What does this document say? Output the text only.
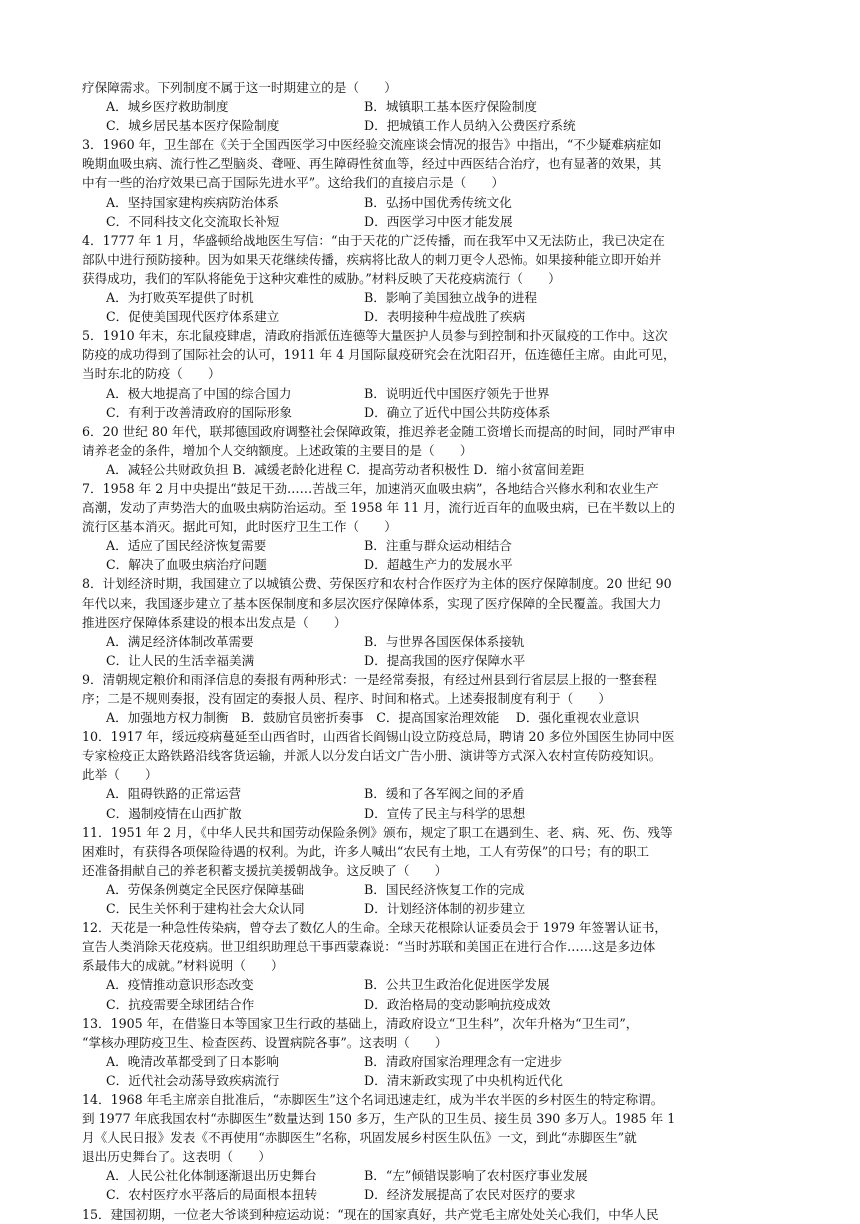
疗保障需求。下列制度不属于这一时期建立的是（　　）
A．城乡医疗救助制度	B．城镇职工基本医疗保险制度
C．城乡居民基本医疗保险制度	D．把城镇工作人员纳入公费医疗系统
3．1960 年，卫生部在《关于全国西医学习中医经验交流座谈会情况的报告》中指出，“不少疑难病症如
晚期血吸虫病、流行性乙型脑炎、聋哑、再生障碍性贫血等，经过中西医结合治疗，也有显著的效果，其
中有一些的治疗效果已高于国际先进水平”。这给我们的直接启示是（　　）
A．坚持国家建构疾病防治体系	B．弘扬中国优秀传统文化
C．不同科技文化交流取长补短	D．西医学习中医才能发展
4．1777 年 1 月，华盛顿给战地医生写信：“由于天花的广泛传播，而在我军中又无法防止，我已决定在
部队中进行预防接种。因为如果天花继续传播，疾病将比敌人的刺刀更令人恐怖。如果接种能立即开始并
获得成功，我们的军队将能免于这种灾难性的威胁。”材料反映了天花疫病流行（　　）
A．为打败英军提供了时机	B．影响了美国独立战争的进程
C．促使美国现代医疗体系建立	D．表明接种牛痘战胜了疾病
5．1910 年末，东北鼠疫肆虐，清政府指派伍连德等大量医护人员参与到控制和扑灭鼠疫的工作中。这次
防疫的成功得到了国际社会的认可，1911 年 4 月国际鼠疫研究会在沈阳召开，伍连德任主席。由此可见，
当时东北的防疫（　　）
A．极大地提高了中国的综合国力	B．说明近代中国医疗领先于世界
C．有利于改善清政府的国际形象	D．确立了近代中国公共防疫体系
6．20 世纪 80 年代，联邦德国政府调整社会保障政策，推迟养老金随工资增长而提高的时间，同时严审申
请养老金的条件，增加个人交纳额度。上述政策的主要目的是（　　）
A．减轻公共财政负担 B．减缓老龄化进程 C．提高劳动者积极性 D．缩小贫富间差距
7．1958 年 2 月中央提出“鼓足干劲……苦战三年，加速消灭血吸虫病”，各地结合兴修水利和农业生产
高潮，发动了声势浩大的血吸虫病防治运动。至 1958 年 11 月，流行近百年的血吸虫病，已在半数以上的
流行区基本消灭。据此可知，此时医疗卫生工作（　　）
A．适应了国民经济恢复需要	B．注重与群众运动相结合
C．解决了血吸虫病治疗问题	D．超越生产力的发展水平
8．计划经济时期，我国建立了以城镇公费、劳保医疗和农村合作医疗为主体的医疗保障制度。20 世纪 90
年代以来，我国逐步建立了基本医保制度和多层次医疗保障体系，实现了医疗保障的全民覆盖。我国大力
推进医疗保障体系建设的根本出发点是（　　）
A．满足经济体制改革需要	B．与世界各国医保体系接轨
C．让人民的生活幸福美满	D．提高我国的医疗保障水平
9．清朝规定粮价和雨泽信息的奏报有两种形式：一是经常奏报，有经过州县到行省层层上报的一整套程
序；二是不规则奏报，没有固定的奏报人员、程序、时间和格式。上述奏报制度有利于（　　）
A．加强地方权力制衡　B．鼓励官员密折奏事　C．提高国家治理效能　 D．强化重视农业意识
10．1917 年，绥远疫病蔓延至山西省时，山西省长阎锡山设立防疫总局，聘请 20 多位外国医生协同中医
专家检疫正太路铁路沿线客货运输，并派人以分发白话文广告小册、演讲等方式深入农村宣传防疫知识。
此举（　　）
A．阻碍铁路的正常运营	B．缓和了各军阀之间的矛盾
C．遏制疫情在山西扩散	D．宣传了民主与科学的思想
11．1951 年 2 月，《中华人民共和国劳动保险条例》颁布，规定了职工在遇到生、老、病、死、伤、残等
困难时，有获得各项保险待遇的权利。为此，许多人喊出“农民有土地，工人有劳保”的口号；有的职工
还准备捐献自己的养老积蓄支援抗美援朝战争。这反映了（　　）
A．劳保条例奠定全民医疗保障基础	B．国民经济恢复工作的完成
C．民生关怀利于建构社会大众认同	D．计划经济体制的初步建立
12．天花是一种急性传染病，曾夺去了数亿人的生命。全球天花根除认证委员会于 1979 年签署认证书，
宣告人类消除天花疫病。世卫组织助理总干事西蒙森说：“当时苏联和美国正在进行合作……这是多边体
系最伟大的成就。”材料说明（　　）
A．疫情推动意识形态改变	B．公共卫生政治化促进医学发展
C．抗疫需要全球团结合作	D．政治格局的变动影响抗疫成效
13．1905 年，在借鉴日本等国家卫生行政的基础上，清政府设立“卫生科”，次年升格为“卫生司”，
“掌核办理防疫卫生、检查医药、设置病院各事”。这表明（　　）
A．晚清改革都受到了日本影响	B．清政府国家治理理念有一定进步
C．近代社会动荡导致疾病流行	D．清末新政实现了中央机构近代化
14．1968 年毛主席亲自批准后，“赤脚医生”这个名词迅速走红，成为半农半医的乡村医生的特定称谓。
到 1977 年底我国农村“赤脚医生”数量达到 150 多万，生产队的卫生员、接生员 390 多万人。1985 年 1
月《人民日报》发表《不再使用“赤脚医生”名称，巩固发展乡村医生队伍》一文，到此“赤脚医生”就
退出历史舞台了。这表明（　　）
A．人民公社化体制逐渐退出历史舞台	B．“左”倾错误影响了农村医疗事业发展
C．农村医疗水平落后的局面根本扭转	D．经济发展提高了农民对医疗的要求
15．建国初期，一位老大爷谈到种痘运动说：“现在的国家真好，共产党毛主席处处关心我们，中华人民
